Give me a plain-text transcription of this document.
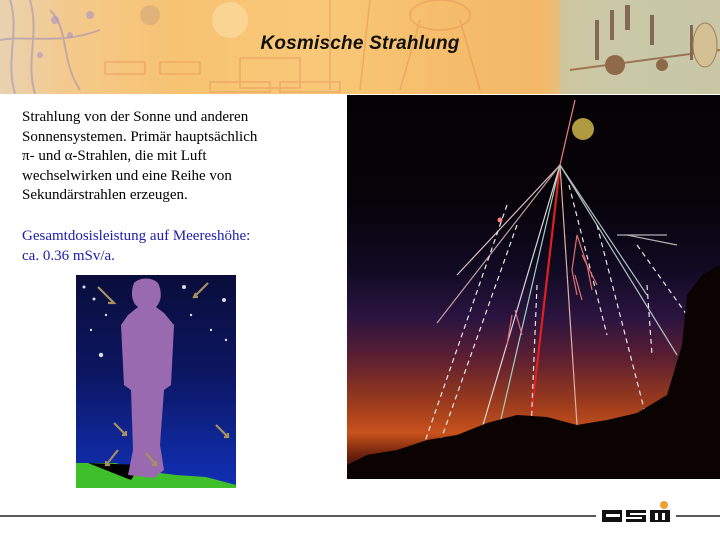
Kosmische Strahlung

Strahlung von der Sonne und anderen

Sonnensystemen. Primär hauptsächlich

π- und α-Strahlen, die mit Luft

wechselwirken und eine Reihe von

Sekundärstrahlen erzeugen.

Gesamtdosisleistung auf Meereshöhe:

ca. 0.36 mSv/a.
